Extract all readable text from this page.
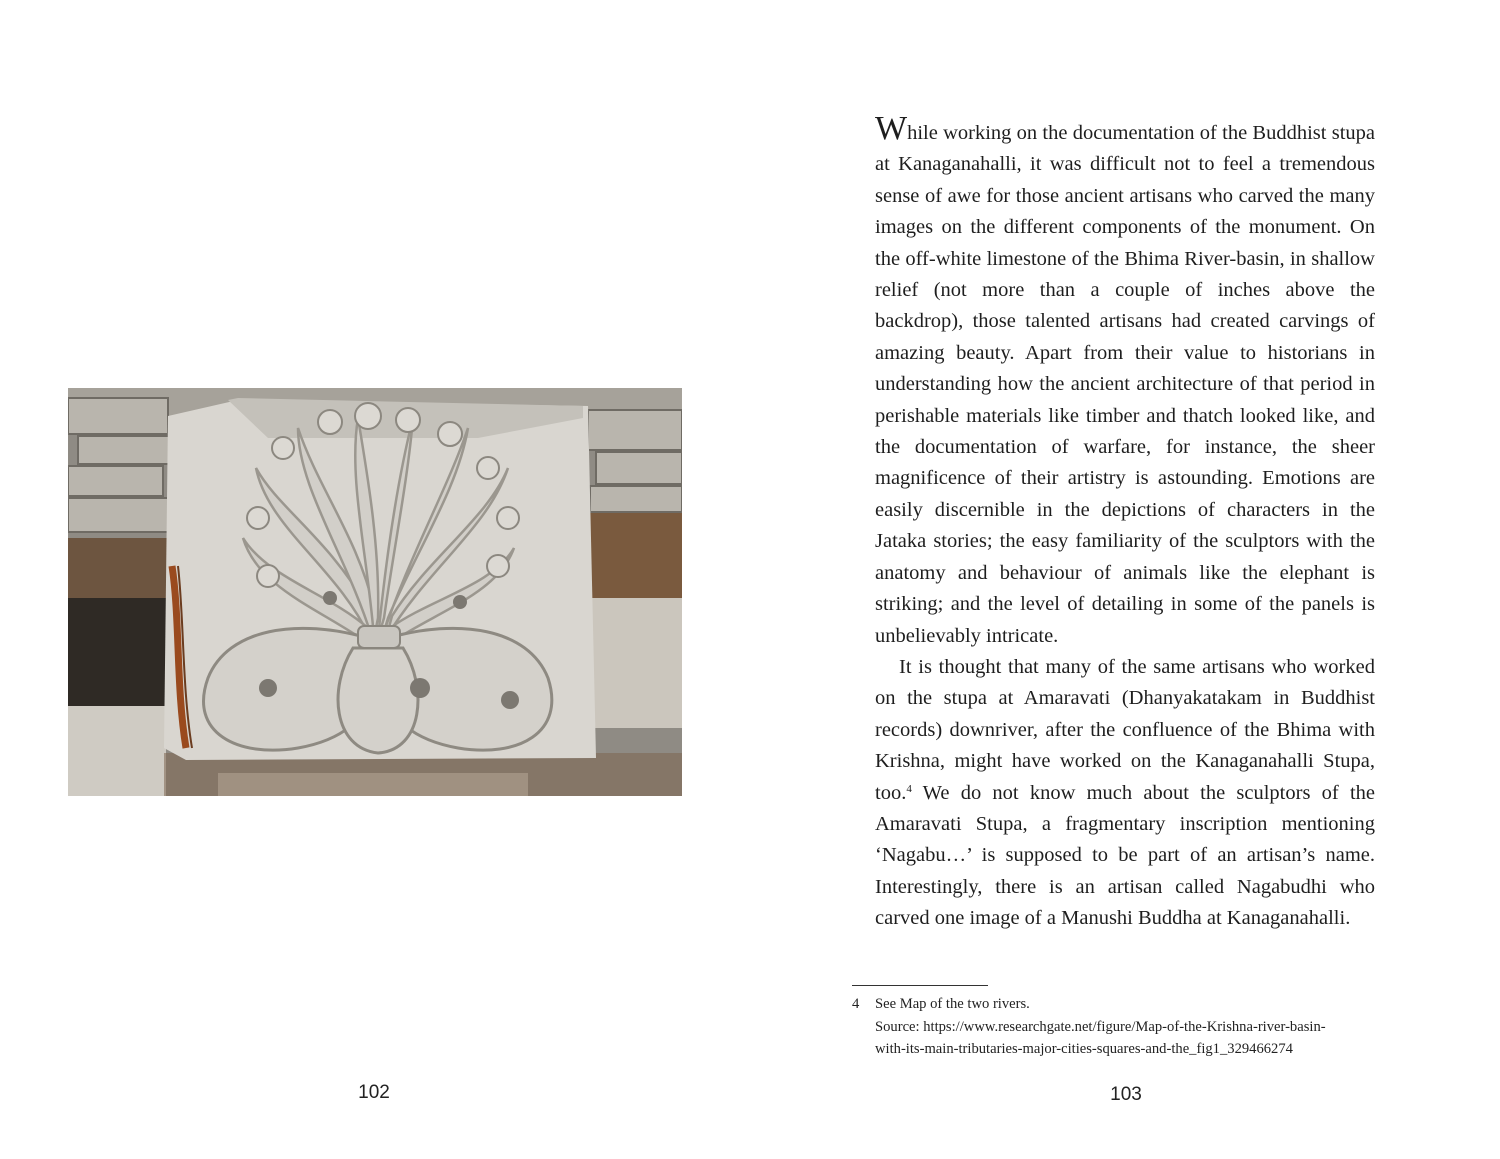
102

While working on the documentation of the Buddhist stupa at Kanaganahalli, it was difficult not to feel a tremendous sense of awe for those ancient artisans who carved the many images on the different components of the monument. On the off-white limestone of the Bhima River-basin, in shallow relief (not more than a couple of inches above the backdrop), those talented artisans had created carvings of amazing beauty. Apart from their value to historians in understanding how the ancient architecture of that period in perishable materials like timber and thatch looked like, and the documentation of warfare, for instance, the sheer magnificence of their artistry is astounding. Emotions are easily discernible in the depictions of characters in the Jataka stories; the easy familiarity of the sculptors with the anatomy and behaviour of animals like the elephant is striking; and the level of detailing in some of the panels is unbelievably intricate.

It is thought that many of the same artisans who worked on the stupa at Amaravati (Dhanyakatakam in Buddhist records) downriver, after the confluence of the Bhima with Krishna, might have worked on the Kanaganahalli Stupa, too.$^4$ We do not know much about the sculptors of the Amaravati Stupa, a fragmentary inscription mentioning ‘Nagabu…’ is supposed to be part of an artisan’s name. Interestingly, there is an artisan called Nagabudhi who carved one image of a Manushi Buddha at Kanaganahalli.

4 See Map of the two rivers.
Source: https://www.researchgate.net/figure/Map-of-the-Krishna-river-basin-
with-its-main-tributaries-major-cities-squares-and-the_fig1_329466274
103
